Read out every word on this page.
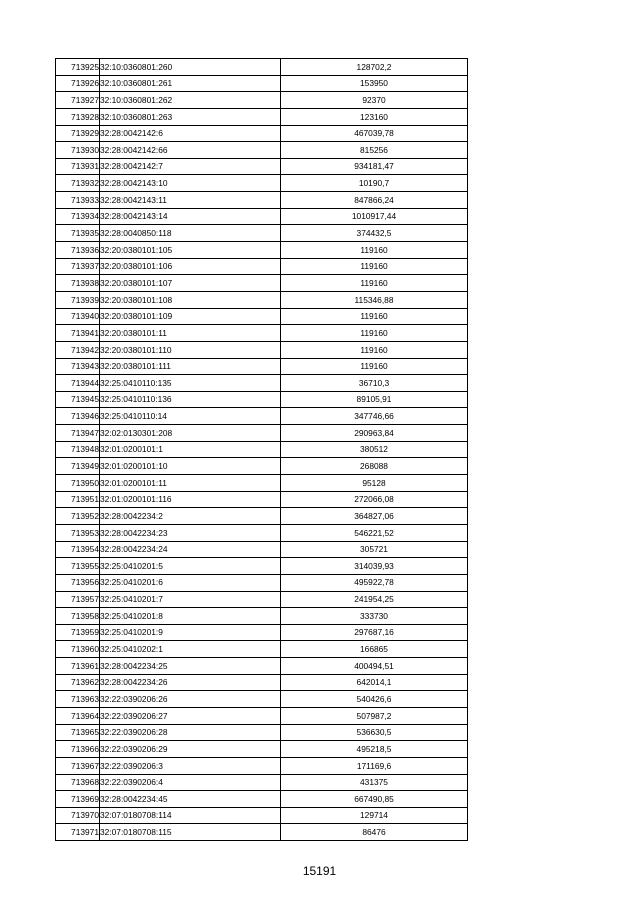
713925	32:10:0360801:260	128702,2
713926	32:10:0360801:261	153950
713927	32:10:0360801:262	92370
713928	32:10:0360801:263	123160
713929	32:28:0042142:6	467039,78
713930	32:28:0042142:66	815256
713931	32:28:0042142:7	934181,47
713932	32:28:0042143:10	10190,7
713933	32:28:0042143:11	847866,24
713934	32:28:0042143:14	1010917,44
713935	32:28:0040850:118	374432,5
713936	32:20:0380101:105	119160
713937	32:20:0380101:106	119160
713938	32:20:0380101:107	119160
713939	32:20:0380101:108	115346,88
713940	32:20:0380101:109	119160
713941	32:20:0380101:11	119160
713942	32:20:0380101:110	119160
713943	32:20:0380101:111	119160
713944	32:25:0410110:135	36710,3
713945	32:25:0410110:136	89105,91
713946	32:25:0410110:14	347746,66
713947	32:02:0130301:208	290963,84
713948	32:01:0200101:1	380512
713949	32:01:0200101:10	268088
713950	32:01:0200101:11	95128
713951	32:01:0200101:116	272066,08
713952	32:28:0042234:2	364827,06
713953	32:28:0042234:23	546221,52
713954	32:28:0042234:24	305721
713955	32:25:0410201:5	314039,93
713956	32:25:0410201:6	495922,78
713957	32:25:0410201:7	241954,25
713958	32:25:0410201:8	333730
713959	32:25:0410201:9	297687,16
713960	32:25:0410202:1	166865
713961	32:28:0042234:25	400494,51
713962	32:28:0042234:26	642014,1
713963	32:22:0390206:26	540426,6
713964	32:22:0390206:27	507987,2
713965	32:22:0390206:28	536630,5
713966	32:22:0390206:29	495218,5
713967	32:22:0390206:3	171169,6
713968	32:22:0390206:4	431375
713969	32:28:0042234:45	667490,85
713970	32:07:0180708:114	129714
713971	32:07:0180708:115	86476
15191
